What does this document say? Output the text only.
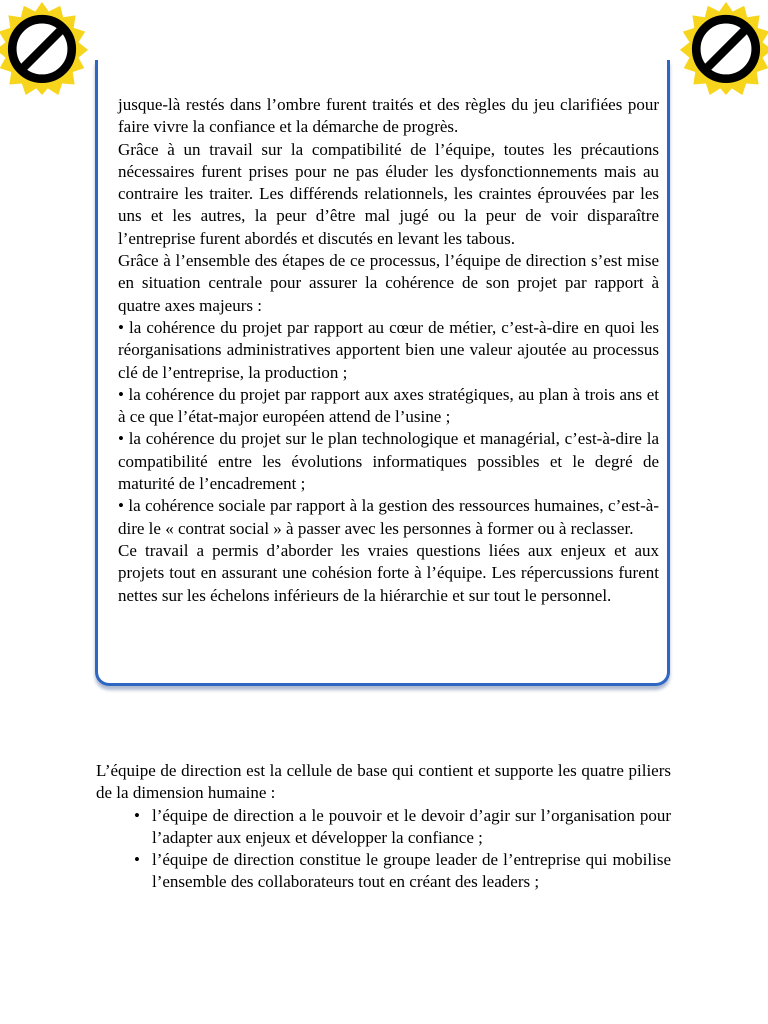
jusque-là restés dans l’ombre furent traités et des règles du jeu clarifiées pour faire vivre la confiance et la démarche de progrès.

Grâce à un travail sur la compatibilité de l’équipe, toutes les précautions nécessaires furent prises pour ne pas éluder les dysfonctionnements mais au contraire les traiter. Les différends relationnels, les craintes éprouvées par les uns et les autres, la peur d’être mal jugé ou la peur de voir disparaître l’entreprise furent abordés et discutés en levant les tabous.

Grâce à l’ensemble des étapes de ce processus, l’équipe de direction s’est mise en situation centrale pour assurer la cohérence de son projet par rapport à quatre axes majeurs :

• la cohérence du projet par rapport au cœur de métier, c’est-à-dire en quoi les réorganisations administratives apportent bien une valeur ajoutée au processus clé de l’entreprise, la production ;

• la cohérence du projet par rapport aux axes stratégiques, au plan à trois ans et à ce que l’état-major européen attend de l’usine ;

• la cohérence du projet sur le plan technologique et managérial, c’est-à-dire la compatibilité entre les évolutions informatiques possibles et le degré de maturité de l’encadrement ;

• la cohérence sociale par rapport à la gestion des ressources humaines, c’est-à-dire le « contrat social » à passer avec les personnes à former ou à reclasser.

Ce travail a permis d’aborder les vraies questions liées aux enjeux et aux projets tout en assurant une cohésion forte à l’équipe. Les répercussions furent nettes sur les échelons inférieurs de la hiérarchie et sur tout le personnel.

L’équipe de direction est la cellule de base qui contient et supporte les quatre piliers de la dimension humaine :

• l’équipe de direction a le pouvoir et le devoir d’agir sur l’organisation pour l’adapter aux enjeux et développer la confiance ;
• l’équipe de direction constitue le groupe leader de l’entreprise qui mobilise l’ensemble des collaborateurs tout en créant des leaders ;
